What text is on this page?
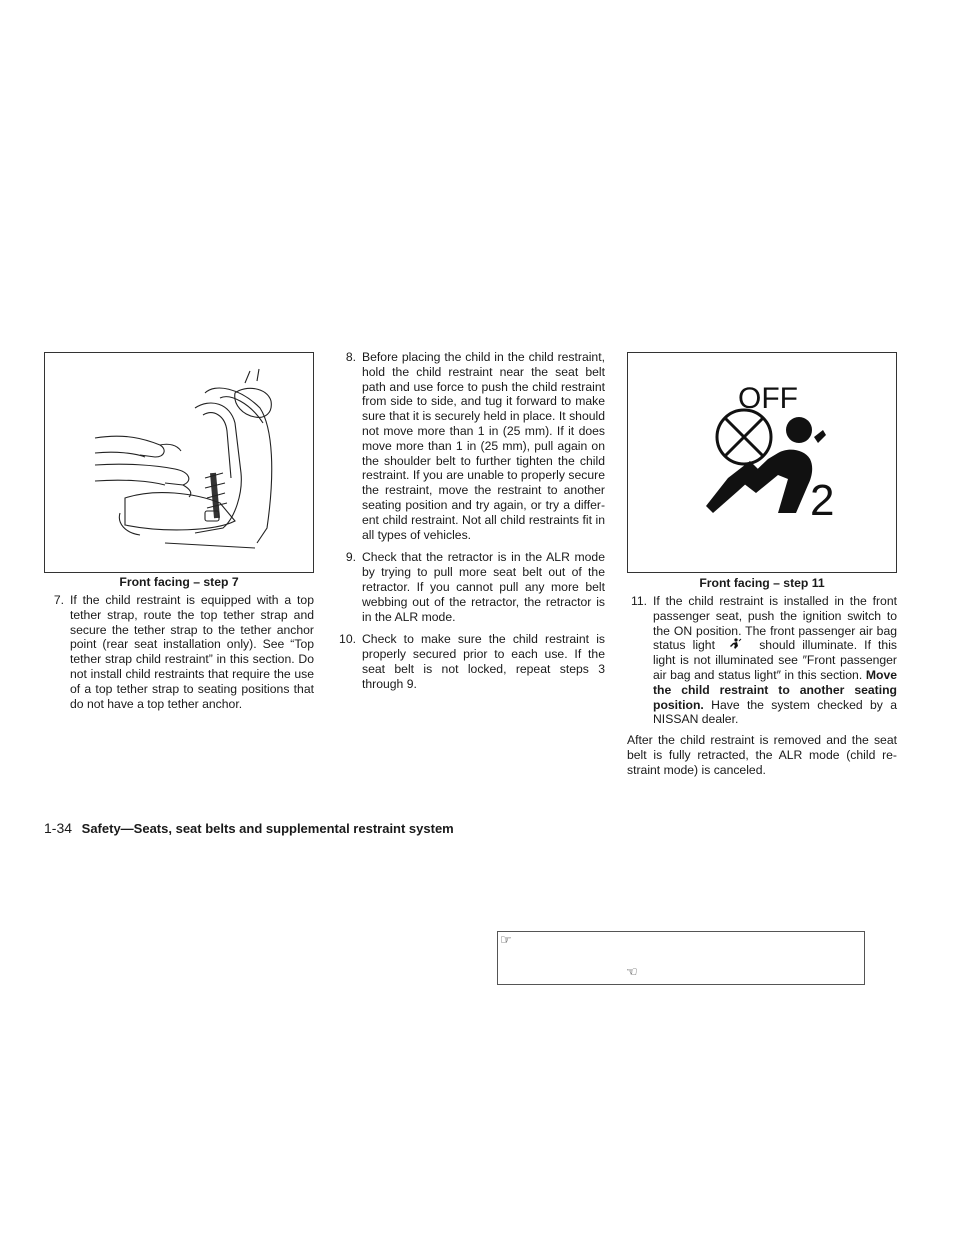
Front facing – step 7
7. If the child restraint is equipped with a top tether strap, route the top tether strap and secure the tether strap to the tether anchor point (rear seat installation only). See “Top tether strap child restraint” in this section. Do not install child restraints that require the use of a top tether strap to seating positions that do not have a top tether anchor.
8. Before placing the child in the child restraint, hold the child restraint near the seat belt path and use force to push the child restraint from side to side, and tug it forward to make sure that it is securely held in place. It should not move more than 1 in (25 mm). If it does move more than 1 in (25 mm), pull again on the shoulder belt to further tighten the child restraint. If you are unable to properly secure the restraint, move the restraint to another seating position and try again, or try a differ-ent child restraint. Not all child restraints fit in all types of vehicles.
9. Check that the retractor is in the ALR mode by trying to pull more seat belt out of the retractor. If you cannot pull any more belt webbing out of the retractor, the retractor is in the ALR mode.
10. Check to make sure the child restraint is properly secured prior to each use. If the seat belt is not locked, repeat steps 3 through 9.
OFF
2
Front facing – step 11
11. If the child restraint is installed in the front passenger seat, push the ignition switch to the ON position. The front passenger air bag status light	should illuminate. If this light is not illuminated see ″Front passenger air bag and status light″ in this section. Move the child restraint to another seating position. Have the system checked by a NISSAN dealer.

After the child restraint is removed and the seat belt is fully retracted, the ALR mode (child re-straint mode) is canceled.

1-34 Safety—Seats, seat belts and supplemental restraint system
☞
☜
